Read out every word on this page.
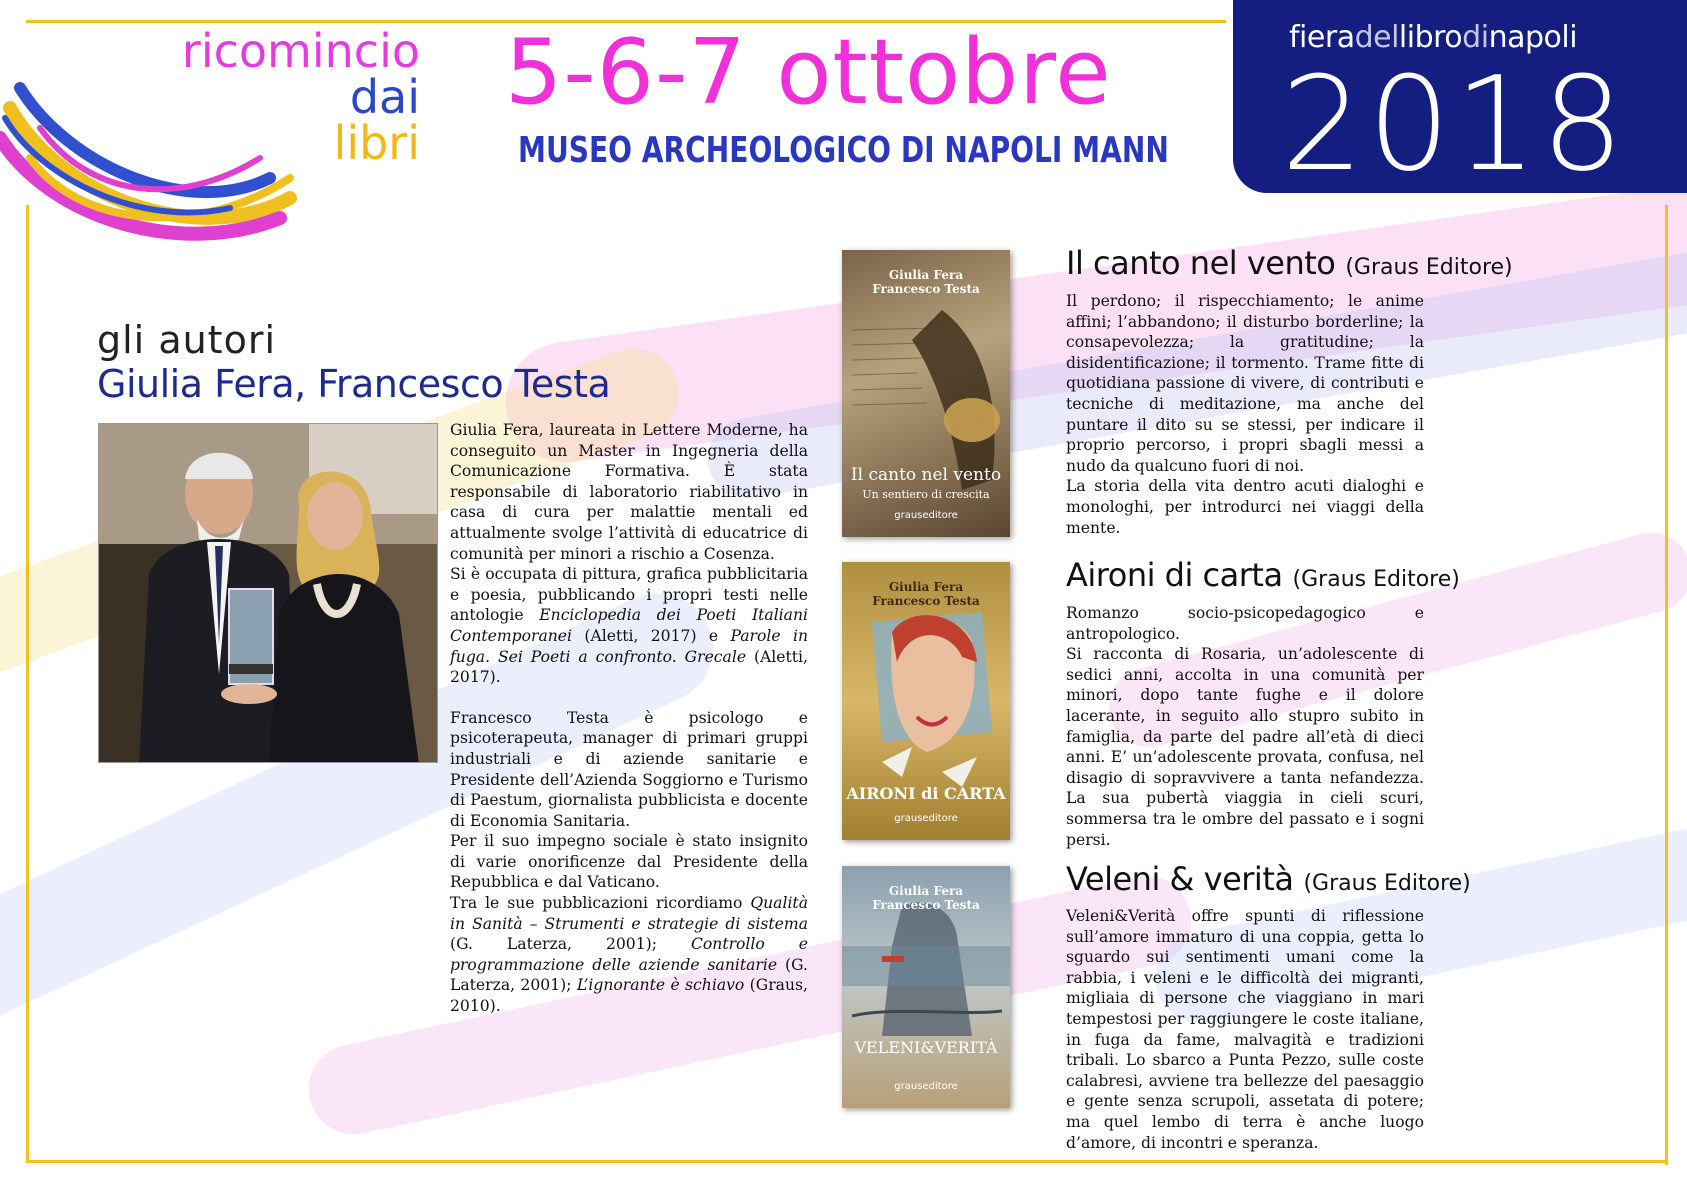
ricomincio
dai
libri
5-6-7 ottobre
MUSEO ARCHEOLOGICO DI NAPOLI MANN
fieradellibrodinapoli
2018
gli autori
Giulia Fera, Francesco Testa

Giulia Fera, laureata in Lettere Moderne, ha conseguito un Master in Ingegneria della Comunicazione Formativa. È stata responsabile di laboratorio riabilitativo in casa di cura per malattie mentali ed attualmente svolge l’attività di educatrice di comunità per minori a rischio a Cosenza.

Si è occupata di pittura, grafica pubblicitaria e poesia, pubblicando i propri testi nelle antologie Enciclopedia dei Poeti Italiani Contemporanei (Aletti, 2017) e Parole in fuga. Sei Poeti a confronto. Grecale (Aletti, 2017).

Francesco Testa è psicologo e psicoterapeuta, manager di primari gruppi industriali e di aziende sanitarie e Presidente dell’Azienda Soggiorno e Turismo di Paestum, giornalista pubblicista e docente di Economia Sanitaria.

Per il suo impegno sociale è stato insignito di varie onorificenze dal Presidente della Repubblica e dal Vaticano.

Tra le sue pubblicazioni ricordiamo Qualità in Sanità – Strumenti e strategie di sistema (G. Laterza, 2001); Controllo e programmazione delle aziende sanitarie (G. Laterza, 2001); L’ignorante è schiavo (Graus, 2010).

Giulia Fera
Francesco Testa
Il canto nel vento
Un sentiero di crescita
grauseditore
Giulia Fera
Francesco Testa
AIRONI di CARTA
grauseditore
Giulia Fera
Francesco Testa
VELENI&VERITÀ
grauseditore
Il canto nel vento (Graus Editore)

Il perdono; il rispecchiamento; le anime affini; l’abbandono; il disturbo borderline; la consapevolezza; la gratitudine; la disidentificazione; il tormento. Trame fitte di quotidiana passione di vivere, di contributi e tecniche di meditazione, ma anche del puntare il dito su se stessi, per indicare il proprio percorso, i propri sbagli messi a nudo da qualcuno fuori di noi.

La storia della vita dentro acuti dialoghi e monologhi, per introdurci nei viaggi della mente.

Aironi di carta (Graus Editore)

Romanzo socio-psicopedagogico e antropologico.

Si racconta di Rosaria, un’adolescente di sedici anni, accolta in una comunità per minori, dopo tante fughe e il dolore lacerante, in seguito allo stupro subito in famiglia, da parte del padre all’età di dieci anni. E’ un’adolescente provata, confusa, nel disagio di sopravvivere a tanta nefandezza. La sua pubertà viaggia in cieli scuri, sommersa tra le ombre del passato e i sogni persi.

Veleni & verità (Graus Editore)

Veleni&Verità offre spunti di riflessione sull’amore immaturo di una coppia, getta lo sguardo sui sentimenti umani come la rabbia, i veleni e le difficoltà dei migranti, migliaia di persone che viaggiano in mari tempestosi per raggiungere le coste italiane, in fuga da fame, malvagità e tradizioni tribali. Lo sbarco a Punta Pezzo, sulle coste calabresi, avviene tra bellezze del paesaggio e gente senza scrupoli, assetata di potere; ma quel lembo di terra è anche luogo d’amore, di incontri e speranza.
